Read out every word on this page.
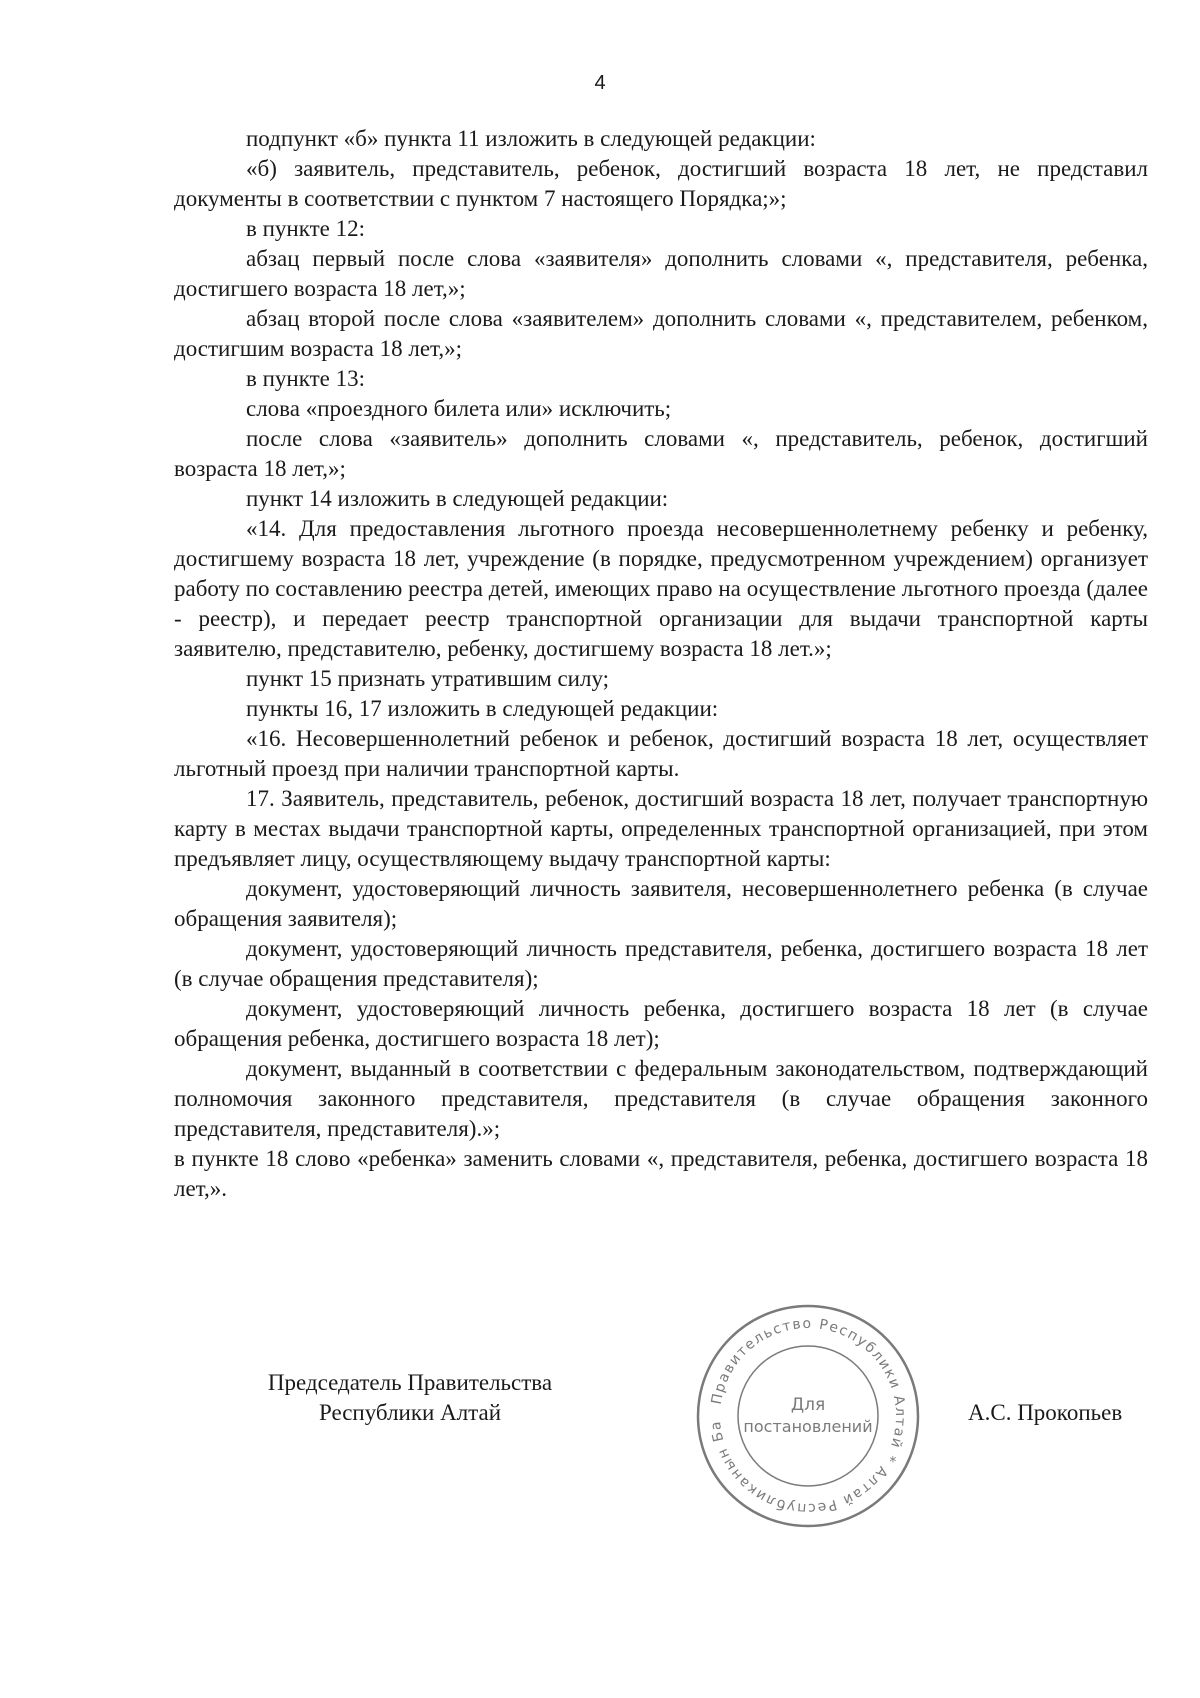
4

подпункт «б» пункта 11 изложить в следующей редакции:

«б) заявитель, представитель, ребенок, достигший возраста 18 лет, не представил документы в соответствии с пунктом 7 настоящего Порядка;»;

в пункте 12:

абзац первый после слова «заявителя» дополнить словами «, представителя, ребенка, достигшего возраста 18 лет,»;

абзац второй после слова «заявителем» дополнить словами «, представителем, ребенком, достигшим возраста 18 лет,»;

в пункте 13:

слова «проездного билета или» исключить;

после слова «заявитель» дополнить словами «, представитель, ребенок, достигший возраста 18 лет,»;

пункт 14 изложить в следующей редакции:

«14. Для предоставления льготного проезда несовершеннолетнему ребенку и ребенку, достигшему возраста 18 лет, учреждение (в порядке, предусмотренном учреждением) организует работу по составлению реестра детей, имеющих право на осуществление льготного проезда (далее - реестр), и передает реестр транспортной организации для выдачи транспортной карты заявителю, представителю, ребенку, достигшему возраста 18 лет.»;

пункт 15 признать утратившим силу;

пункты 16, 17 изложить в следующей редакции:

«16. Несовершеннолетний ребенок и ребенок, достигший возраста 18 лет, осуществляет льготный проезд при наличии транспортной карты.

17. Заявитель, представитель, ребенок, достигший возраста 18 лет, получает транспортную карту в местах выдачи транспортной карты, определенных транспортной организацией, при этом предъявляет лицу, осуществляющему выдачу транспортной карты:

документ, удостоверяющий личность заявителя, несовершеннолетнего ребенка (в случае обращения заявителя);

документ, удостоверяющий личность представителя, ребенка, достигшего возраста 18 лет (в случае обращения представителя);

документ, удостоверяющий личность ребенка, достигшего возраста 18 лет (в случае обращения ребенка, достигшего возраста 18 лет);

документ, выданный в соответствии с федеральным законодательством, подтверждающий полномочия законного представителя, представителя (в случае обращения законного представителя, представителя).»;

в пункте 18 слово «ребенка» заменить словами «, представителя, ребенка, достигшего возраста 18 лет,».

Председатель Правительства
Республики Алтай
Правительство Республики Алтай * Алтай Республиканын Ба
Для
постановлений
А.С. Прокопьев
